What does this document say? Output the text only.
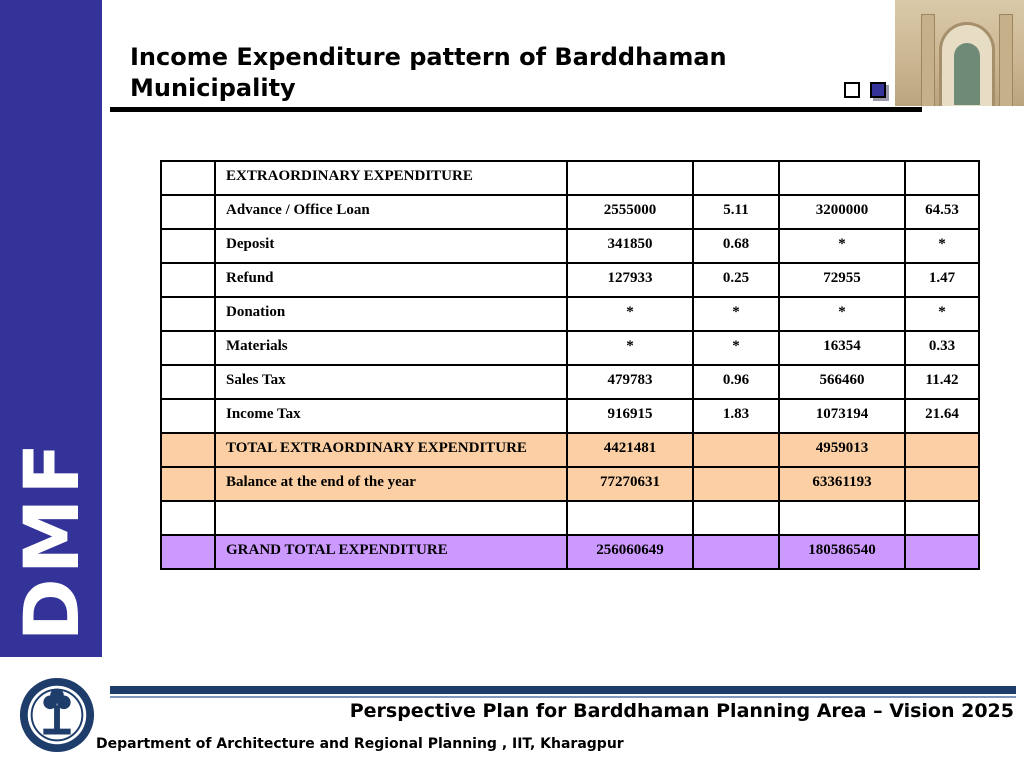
DMF
Income Expenditure pattern of Barddhaman Municipality
	EXTRAORDINARY EXPENDITURE				
	Advance / Office Loan	2555000	5.11	3200000	64.53
	Deposit	341850	0.68	*	*
	Refund	127933	0.25	72955	1.47
	Donation	*	*	*	*
	Materials	*	*	16354	0.33
	Sales Tax	479783	0.96	566460	11.42
	Income Tax	916915	1.83	1073194	21.64
	TOTAL EXTRAORDINARY EXPENDITURE	4421481		4959013	
	Balance at the end of the year	77270631		63361193	

	GRAND TOTAL EXPENDITURE	256060649		180586540	
Perspective Plan for Barddhaman Planning Area – Vision 2025
Department of Architecture and Regional Planning , IIT, Kharagpur
